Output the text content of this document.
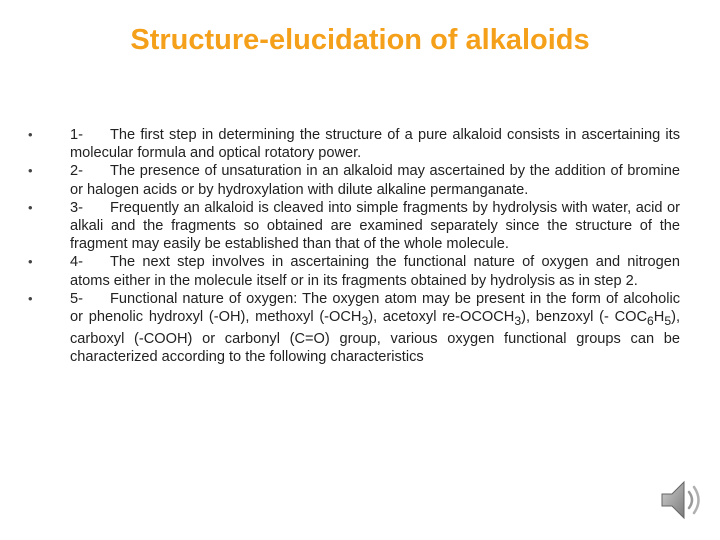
Structure-elucidation of alkaloids
•	1- The first step in determining the structure of a pure alkaloid consists in ascertaining its molecular formula and optical rotatory power.
•	2- The presence of unsaturation in an alkaloid may ascertained by the addition of bromine or halogen acids or by hydroxylation with dilute alkaline permanganate.
•	3- Frequently an alkaloid is cleaved into simple fragments by hydrolysis with water, acid or alkali and the fragments so obtained are examined separately since the structure of the fragment may easily be established than that of the whole molecule.
•	4- The next step involves in ascertaining the functional nature of oxygen and nitrogen atoms either in the molecule itself or in its fragments obtained by hydrolysis as in step 2.
•	5- Functional nature of oxygen: The oxygen atom may be present in the form of alcoholic or phenolic hydroxyl (-OH), methoxyl $(-OCH_3)$, acetoxyl $re-OCOCH_3$), benzoxyl (- $COC_6H_5$), carboxyl (-COOH) or carbonyl (C=O) group, various oxygen functional groups can be characterized according to the following characteristics
